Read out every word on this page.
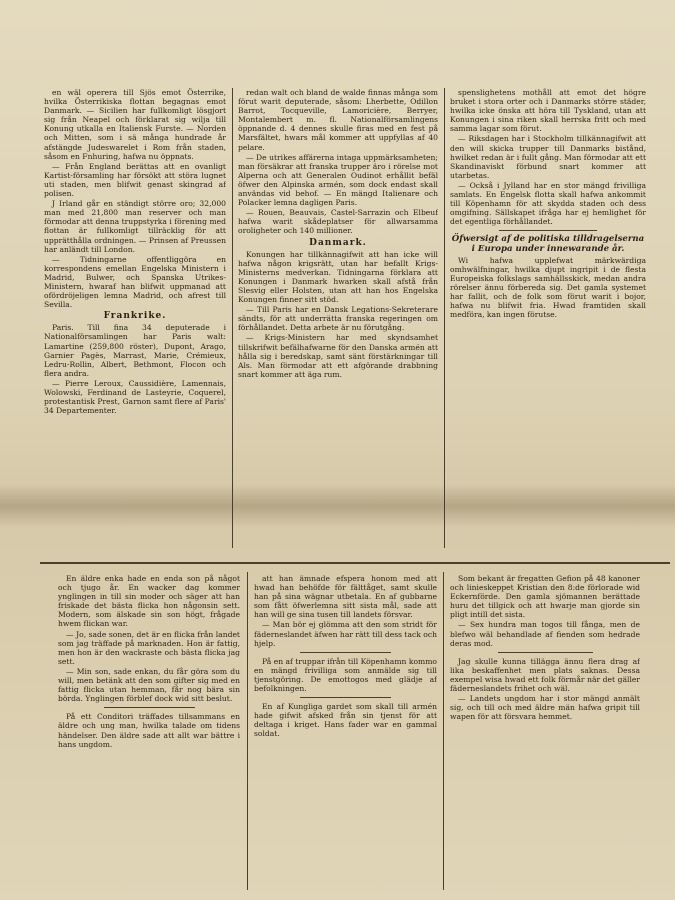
en wäl operera till Sjös emot Österrike, hvilka Österrikiska flottan begagnas emot Danmark. — Sicilien har fullkomligt lösgjort sig från Neapel och förklarat sig wilja till Konung utkalla en Italiensk Furste. — Norden och Mitten, som i sä många hundrade år afstängde Judeswarelet i Rom från staden, såsom en Fnhuring, hafwa nu öppnats.

— Från England berättas att en ovanligt Kartist-församling har försökt att störa lugnet uti staden, men blifwit genast skingrad af polisen.

J Irland går en ständigt större oro; 32,000 man med 21,800 man reserver och man förmodar att denna truppstyrka i förening med flottan är fullkomligt tillräcklig för att upprätthålla ordningen. — Prinsen af Preussen har anländt till London.

— Tidningarne offentliggöra en korrespondens emellan Engelska Ministern i Madrid, Bulwer, och Spanska Utrikes-Ministern, hwaraf han blifwit uppmanad att ofördröjeligen lemna Madrid, och afrest till Sevilla.

Frankrike.

Paris. Till fina 34 deputerade i Nationalförsamlingen har Paris walt: Lamartine (259,800 röster), Dupont, Arago, Garnier Pagès, Marrast, Marie, Crémieux, Ledru-Rollin, Albert, Bethmont, Flocon och flera andra.

— Pierre Leroux, Caussidière, Lamennais, Wolowski, Ferdinand de Lasteyrie, Coquerel, protestantisk Prest, Garnon samt flere af Paris' 34 Departementer.

redan walt och bland de walde finnas många som förut warit deputerade, såsom: Lherbette, Odillon Barrot, Tocqueville, Lamoricière, Berryer, Montalembert m. fl. Nationalförsamlingens öppnande d. 4 dennes skulle firas med en fest på Marsfältet, hwars mål kommer att uppfyllas af 40 pelare.

— De utrikes affärerna intaga uppmärksamheten; man försäkrar att franska trupper äro i rörelse mot Alperna och att Generalen Oudinot erhållit befäl öfwer den Alpinska armén, som dock endast skall användas vid behof. — En mängd Italienare och Polacker lemna dagligen Paris.

— Rouen, Beauvais, Castel-Sarrazin och Elbeuf hafwa warit skådeplatser för allwarsamma oroligheter och 140 millioner.

Danmark.

Konungen har tillkännagifwit att han icke will hafwa någon krigsrätt, utan har befallt Krigs-Ministerns medverkan. Tidningarna förklara att Konungen i Danmark hwarken skall afstå från Slesvig eller Holsten, utan att han hos Engelska Konungen finner sitt stöd.

— Till Paris har en Dansk Legations-Sekreterare sändts, för att underrätta franska regeringen om förhållandet. Detta arbete är nu förutgång.

— Krigs-Ministern har med skyndsamhet tillskrifwit befälhafwarne för den Danska armén att hålla sig i beredskap, samt sänt förstärkningar till Als. Man förmodar att ett afgörande drabbning snart kommer att äga rum.

spenslighetens mothåll att emot det högre bruket i stora orter och i Danmarks större städer, hwilka icke önska att höra till Tyskland, utan att Konungen i sina riken skall herrska fritt och med samma lagar som förut.

— Riksdagen har i Stockholm tillkännagifwit att den will skicka trupper till Danmarks bistånd, hwilket redan är i fullt gång. Man förmodar att ett Skandinaviskt förbund snart kommer att utarbetas.

— Också i Jylland har en stor mängd frivilliga samlats. En Engelsk flotta skall hafwa ankommit till Köpenhamn för att skydda staden och dess omgifning. Sällskapet ifråga har ej hemlighet för det egentliga förhållandet.

Öfwersigt af de politiska tilldragelserna i Europa under innewarande år.

Wi hafwa upplefwat märkwärdiga omhwälfningar, hwilka djupt ingripit i de flesta Europeiska folkslags samhällsskick, medan andra rörelser ännu förbereda sig. Det gamla systemet har fallit, och de folk som förut warit i bojor, hafwa nu blifwit fria. Hwad framtiden skall medföra, kan ingen förutse.

En äldre enka hade en enda son på något och tjugo år. En wacker dag kommer ynglingen in till sin moder och säger att han friskade det bästa flicka hon någonsin sett. Modern, som älskade sin son högt, frågade hwem flickan war.

— Jo, sade sonen, det är en flicka från landet som jag träffade på marknaden. Hon är fattig, men hon är den wackraste och bästa flicka jag sett.

— Min son, sade enkan, du får göra som du will, men betänk att den som gifter sig med en fattig flicka utan hemman, får nog bära sin börda. Ynglingen förblef dock wid sitt beslut.

På ett Conditori träffades tillsammans en äldre och ung man, hwilka talade om tidens händelser. Den äldre sade att allt war bättre i hans ungdom.

att han ämnade efspera honom med att hwad han behöfde för fälttåget, samt skulle han på sina wägnar utbetala. En af gubbarne som fått öfwerlemna sitt sista mål, sade att han will ge sina tusen till landets försvar.

— Man bör ej glömma att den som stridt för fäderneslandet äfwen har rätt till dess tack och hjelp.

På en af truppar ifrån till Köpenhamn kommo en mängd frivilliga som anmälde sig till tjenstgöring. De emottogos med glädje af befolkningen.

En af Kungliga gardet som skall till armén hade gifwit afsked från sin tjenst för att deltaga i kriget. Hans fader war en gammal soldat.

Som bekant är fregatten Gefion på 48 kanoner och linieskeppet Kristian den 8:de förlorade wid Eckernförde. Den gamla sjömannen berättade huru det tillgick och att hwarje man gjorde sin pligt intill det sista.

— Sex hundra man togos till fånga, men de blefwo wäl behandlade af fienden som hedrade deras mod.

Jag skulle kunna tillägga ännu flera drag af lika beskaffenhet men plats saknas. Dessa exempel wisa hwad ett folk förmår när det gäller fäderneslandets frihet och wäl.

— Landets ungdom har i stor mängd anmält sig, och till och med äldre män hafwa gripit till wapen för att försvara hemmet.
